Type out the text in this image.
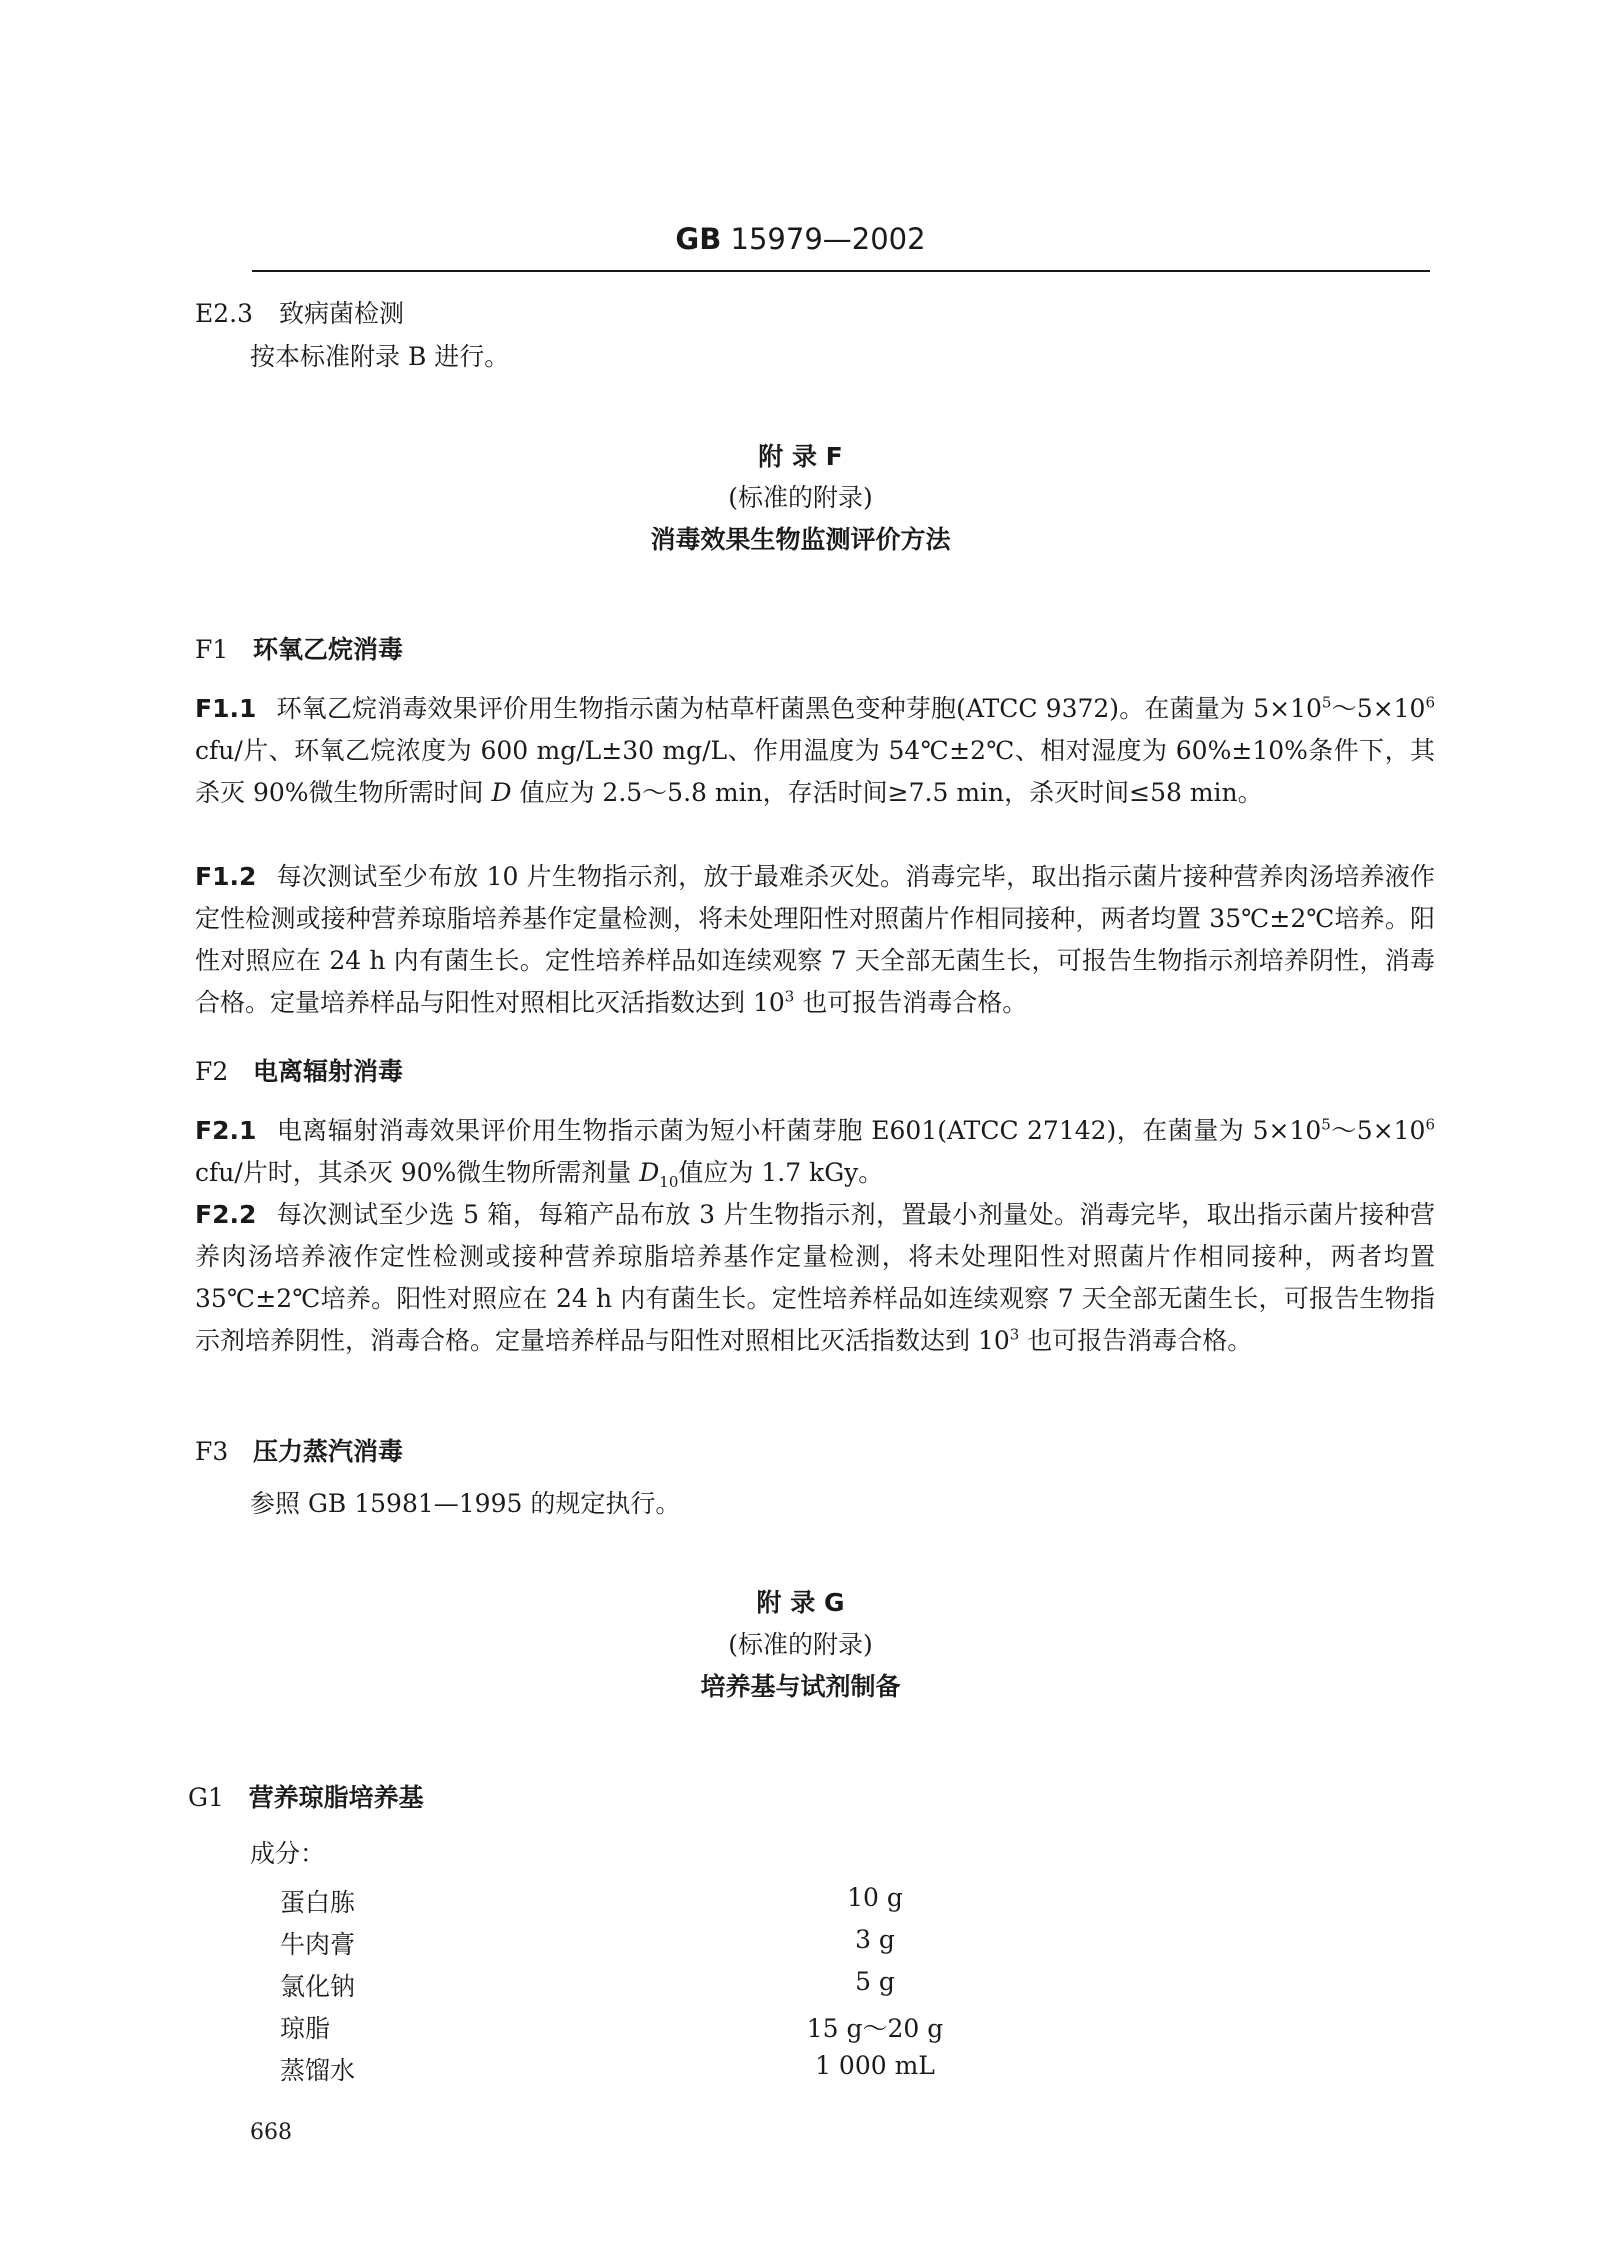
GB 15979—2002
E2.3 致病菌检测
按本标准附录 B 进行。
附 录 F
(标准的附录)
消毒效果生物监测评价方法
F1 环氧乙烷消毒
F1.1 环氧乙烷消毒效果评价用生物指示菌为枯草杆菌黑色变种芽胞(ATCC 9372)。在菌量为 $5\times 10^5\sim 5\times 10^6$ cfu/片、环氧乙烷浓度为 600 mg/L±30 mg/L、作用温度为 54℃±2℃、相对湿度为 60%±10%条件下，其杀灭 90%微生物所需时间 D 值应为 2.5～5.8 min，存活时间≥7.5 min，杀灭时间≤58 min。
F1.2 每次测试至少布放 10 片生物指示剂，放于最难杀灭处。消毒完毕，取出指示菌片接种营养肉汤培养液作定性检测或接种营养琼脂培养基作定量检测，将未处理阳性对照菌片作相同接种，两者均置 35℃±2℃培养。阳性对照应在 24 h 内有菌生长。定性培养样品如连续观察 7 天全部无菌生长，可报告生物指示剂培养阴性，消毒合格。定量培养样品与阳性对照相比灭活指数达到 $10^3$ 也可报告消毒合格。
F2 电离辐射消毒
F2.1 电离辐射消毒效果评价用生物指示菌为短小杆菌芽胞 E601(ATCC 27142)，在菌量为 $5\times 10^5\sim 5\times 10^6$ cfu/片时，其杀灭 90%微生物所需剂量 $D_{10}$值应为 1.7 kGy。
F2.2 每次测试至少选 5 箱，每箱产品布放 3 片生物指示剂，置最小剂量处。消毒完毕，取出指示菌片接种营养肉汤培养液作定性检测或接种营养琼脂培养基作定量检测，将未处理阳性对照菌片作相同接种，两者均置 35℃±2℃培养。阳性对照应在 24 h 内有菌生长。定性培养样品如连续观察 7 天全部无菌生长，可报告生物指示剂培养阴性，消毒合格。定量培养样品与阳性对照相比灭活指数达到 $10^3$ 也可报告消毒合格。
F3 压力蒸汽消毒
参照 GB 15981—1995 的规定执行。
附 录 G
(标准的附录)
培养基与试剂制备
G1 营养琼脂培养基
成分：
蛋白胨	10 g
牛肉膏	3 g
氯化钠	5 g
琼脂	15 g～20 g
蒸馏水	1 000 mL
668
